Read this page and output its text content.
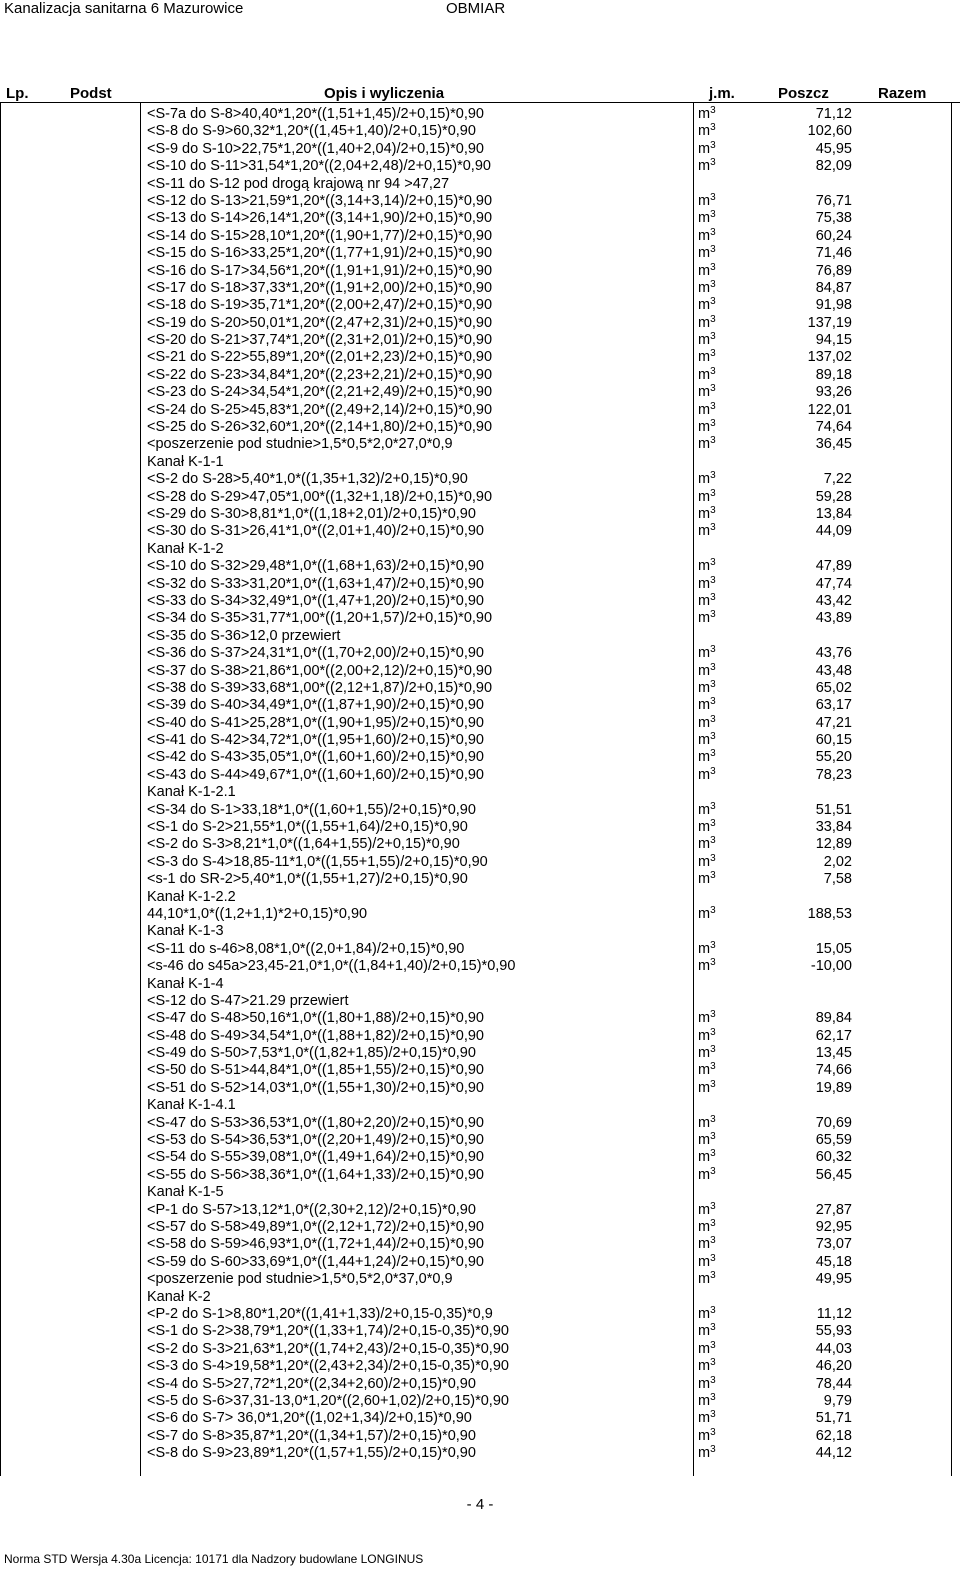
Kanalizacja sanitarna 6 Mazurowice	OBMIAR
Lp.	Podst	Opis i wyliczenia	j.m.	Poszcz	Razem
<S-7a do S-8>40,40*1,20*((1,51+1,45)/2+0,15)*0,90	$m^3$	71,12
<S-8 do S-9>60,32*1,20*((1,45+1,40)/2+0,15)*0,90	$m^3$	102,60
<S-9 do S-10>22,75*1,20*((1,40+2,04)/2+0,15)*0,90	$m^3$	45,95
<S-10 do S-11>31,54*1,20*((2,04+2,48)/2+0,15)*0,90	$m^3$	82,09
<S-11 do S-12 pod drogą krajową nr 94 >47,27
<S-12 do S-13>21,59*1,20*((3,14+3,14)/2+0,15)*0,90	$m^3$	76,71
<S-13 do S-14>26,14*1,20*((3,14+1,90)/2+0,15)*0,90	$m^3$	75,38
<S-14 do S-15>28,10*1,20*((1,90+1,77)/2+0,15)*0,90	$m^3$	60,24
<S-15 do S-16>33,25*1,20*((1,77+1,91)/2+0,15)*0,90	$m^3$	71,46
<S-16 do S-17>34,56*1,20*((1,91+1,91)/2+0,15)*0,90	$m^3$	76,89
<S-17 do S-18>37,33*1,20*((1,91+2,00)/2+0,15)*0,90	$m^3$	84,87
<S-18 do S-19>35,71*1,20*((2,00+2,47)/2+0,15)*0,90	$m^3$	91,98
<S-19 do S-20>50,01*1,20*((2,47+2,31)/2+0,15)*0,90	$m^3$	137,19
<S-20 do S-21>37,74*1,20*((2,31+2,01)/2+0,15)*0,90	$m^3$	94,15
<S-21 do S-22>55,89*1,20*((2,01+2,23)/2+0,15)*0,90	$m^3$	137,02
<S-22 do S-23>34,84*1,20*((2,23+2,21)/2+0,15)*0,90	$m^3$	89,18
<S-23 do S-24>34,54*1,20*((2,21+2,49)/2+0,15)*0,90	$m^3$	93,26
<S-24 do S-25>45,83*1,20*((2,49+2,14)/2+0,15)*0,90	$m^3$	122,01
<S-25 do S-26>32,60*1,20*((2,14+1,80)/2+0,15)*0,90	$m^3$	74,64
<poszerzenie pod studnie>1,5*0,5*2,0*27,0*0,9	$m^3$	36,45
Kanał K-1-1
<S-2 do S-28>5,40*1,0*((1,35+1,32)/2+0,15)*0,90	$m^3$	7,22
<S-28 do S-29>47,05*1,00*((1,32+1,18)/2+0,15)*0,90	$m^3$	59,28
<S-29 do S-30>8,81*1,0*((1,18+2,01)/2+0,15)*0,90	$m^3$	13,84
<S-30 do S-31>26,41*1,0*((2,01+1,40)/2+0,15)*0,90	$m^3$	44,09
Kanał K-1-2
<S-10 do S-32>29,48*1,0*((1,68+1,63)/2+0,15)*0,90	$m^3$	47,89
<S-32 do S-33>31,20*1,0*((1,63+1,47)/2+0,15)*0,90	$m^3$	47,74
<S-33 do S-34>32,49*1,0*((1,47+1,20)/2+0,15)*0,90	$m^3$	43,42
<S-34 do S-35>31,77*1,00*((1,20+1,57)/2+0,15)*0,90	$m^3$	43,89
<S-35 do S-36>12,0 przewiert
<S-36 do S-37>24,31*1,0*((1,70+2,00)/2+0,15)*0,90	$m^3$	43,76
<S-37 do S-38>21,86*1,00*((2,00+2,12)/2+0,15)*0,90	$m^3$	43,48
<S-38 do S-39>33,68*1,00*((2,12+1,87)/2+0,15)*0,90	$m^3$	65,02
<S-39 do S-40>34,49*1,0*((1,87+1,90)/2+0,15)*0,90	$m^3$	63,17
<S-40 do S-41>25,28*1,0*((1,90+1,95)/2+0,15)*0,90	$m^3$	47,21
<S-41 do S-42>34,72*1,0*((1,95+1,60)/2+0,15)*0,90	$m^3$	60,15
<S-42 do S-43>35,05*1,0*((1,60+1,60)/2+0,15)*0,90	$m^3$	55,20
<S-43 do S-44>49,67*1,0*((1,60+1,60)/2+0,15)*0,90	$m^3$	78,23
Kanał K-1-2.1
<S-34 do S-1>33,18*1,0*((1,60+1,55)/2+0,15)*0,90	$m^3$	51,51
<S-1 do S-2>21,55*1,0*((1,55+1,64)/2+0,15)*0,90	$m^3$	33,84
<S-2 do S-3>8,21*1,0*((1,64+1,55)/2+0,15)*0,90	$m^3$	12,89
<S-3 do S-4>18,85-11*1,0*((1,55+1,55)/2+0,15)*0,90	$m^3$	2,02
<s-1 do SR-2>5,40*1,0*((1,55+1,27)/2+0,15)*0,90	$m^3$	7,58
Kanał K-1-2.2
44,10*1,0*((1,2+1,1)*2+0,15)*0,90	$m^3$	188,53
Kanał K-1-3
<S-11 do s-46>8,08*1,0*((2,0+1,84)/2+0,15)*0,90	$m^3$	15,05
<s-46 do s45a>23,45-21,0*1,0*((1,84+1,40)/2+0,15)*0,90	$m^3$	-10,00
Kanał K-1-4
<S-12 do S-47>21.29 przewiert
<S-47 do S-48>50,16*1,0*((1,80+1,88)/2+0,15)*0,90	$m^3$	89,84
<S-48 do S-49>34,54*1,0*((1,88+1,82)/2+0,15)*0,90	$m^3$	62,17
<S-49 do S-50>7,53*1,0*((1,82+1,85)/2+0,15)*0,90	$m^3$	13,45
<S-50 do S-51>44,84*1,0*((1,85+1,55)/2+0,15)*0,90	$m^3$	74,66
<S-51 do S-52>14,03*1,0*((1,55+1,30)/2+0,15)*0,90	$m^3$	19,89
Kanał K-1-4.1
<S-47 do S-53>36,53*1,0*((1,80+2,20)/2+0,15)*0,90	$m^3$	70,69
<S-53 do S-54>36,53*1,0*((2,20+1,49)/2+0,15)*0,90	$m^3$	65,59
<S-54 do S-55>39,08*1,0*((1,49+1,64)/2+0,15)*0,90	$m^3$	60,32
<S-55 do S-56>38,36*1,0*((1,64+1,33)/2+0,15)*0,90	$m^3$	56,45
Kanał K-1-5
<P-1 do S-57>13,12*1,0*((2,30+2,12)/2+0,15)*0,90	$m^3$	27,87
<S-57 do S-58>49,89*1,0*((2,12+1,72)/2+0,15)*0,90	$m^3$	92,95
<S-58 do S-59>46,93*1,0*((1,72+1,44)/2+0,15)*0,90	$m^3$	73,07
<S-59 do S-60>33,69*1,0*((1,44+1,24)/2+0,15)*0,90	$m^3$	45,18
<poszerzenie pod studnie>1,5*0,5*2,0*37,0*0,9	$m^3$	49,95
Kanał K-2
<P-2 do S-1>8,80*1,20*((1,41+1,33)/2+0,15-0,35)*0,9	$m^3$	11,12
<S-1 do S-2>38,79*1,20*((1,33+1,74)/2+0,15-0,35)*0,90	$m^3$	55,93
<S-2 do S-3>21,63*1,20*((1,74+2,43)/2+0,15-0,35)*0,90	$m^3$	44,03
<S-3 do S-4>19,58*1,20*((2,43+2,34)/2+0,15-0,35)*0,90	$m^3$	46,20
<S-4 do S-5>27,72*1,20*((2,34+2,60)/2+0,15)*0,90	$m^3$	78,44
<S-5 do S-6>37,31-13,0*1,20*((2,60+1,02)/2+0,15)*0,90	$m^3$	9,79
<S-6 do S-7> 36,0*1,20*((1,02+1,34)/2+0,15)*0,90	$m^3$	51,71
<S-7 do S-8>35,87*1,20*((1,34+1,57)/2+0,15)*0,90	$m^3$	62,18
<S-8 do S-9>23,89*1,20*((1,57+1,55)/2+0,15)*0,90	$m^3$	44,12
- 4 -
Norma STD Wersja 4.30a Licencja: 10171 dla Nadzory budowlane LONGINUS
